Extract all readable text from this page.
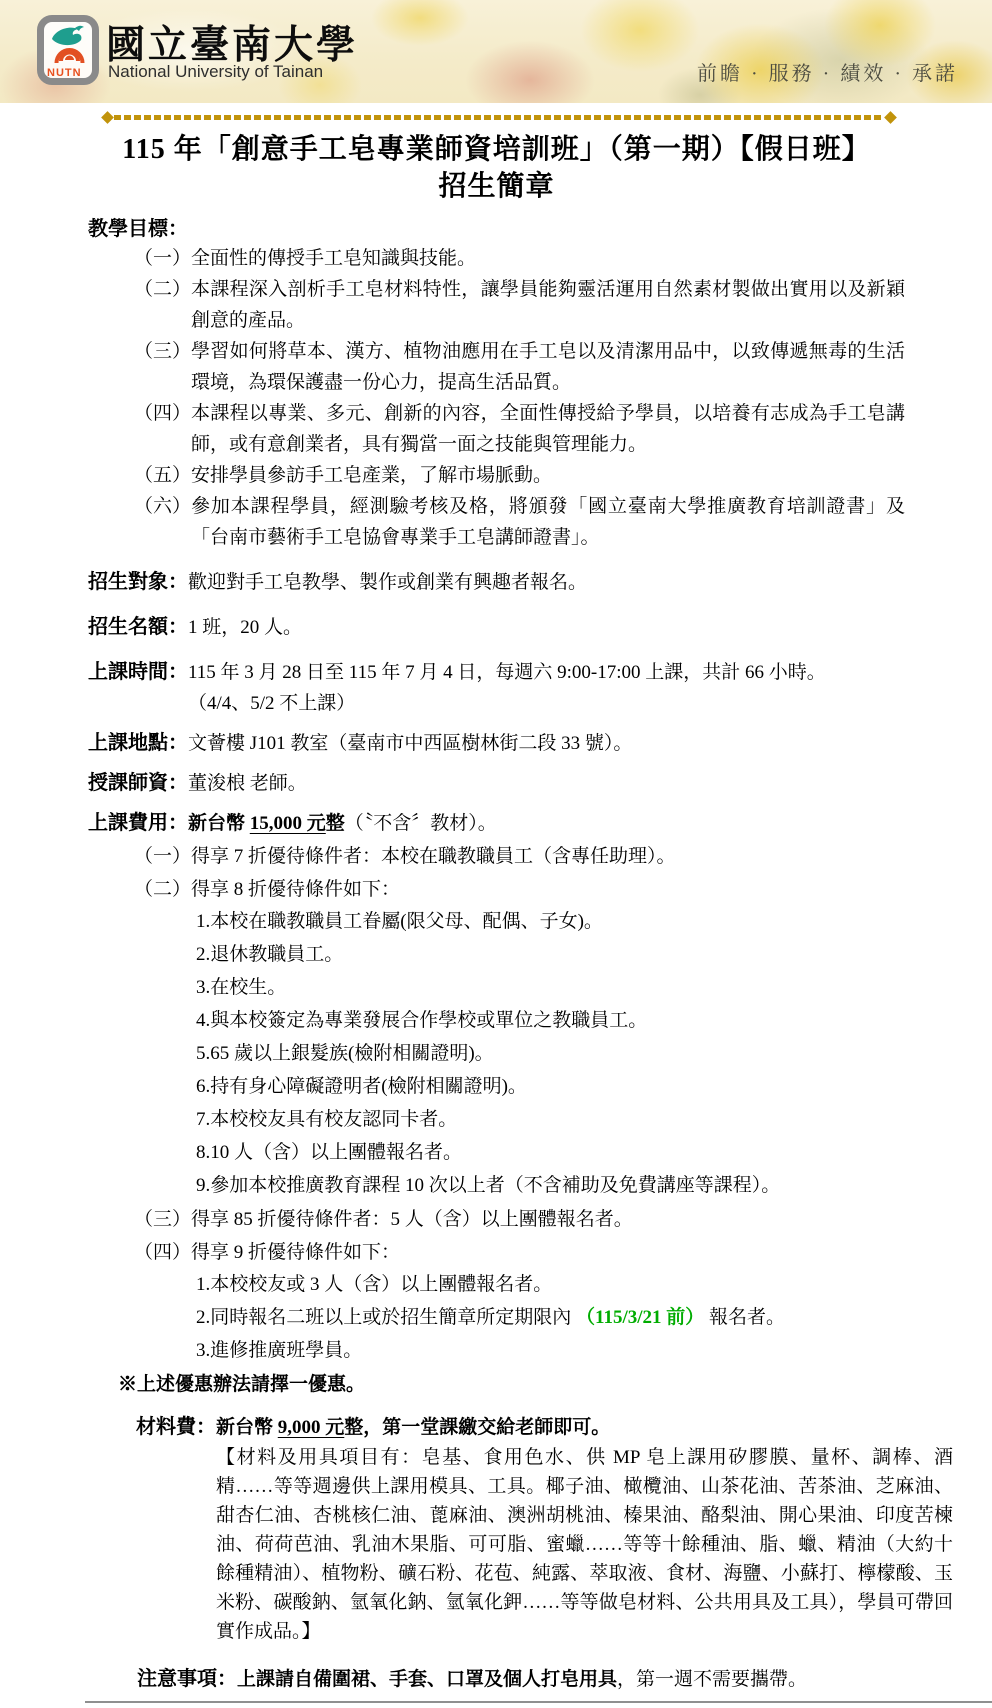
NUTN
國立臺南大學
National University of Tainan	前瞻 · 服務 · 績效 · 承諾
115 年「創意手工皂專業師資培訓班」（第一期）【假日班】
招生簡章
教學目標：
（一） 全面性的傳授手工皂知識與技能。
（二） 本課程深入剖析手工皂材料特性，讓學員能夠靈活運用自然素材製做出實用以及新穎創意的產品。
（三） 學習如何將草本、漢方、植物油應用在手工皂以及清潔用品中，以致傳遞無毒的生活環境，為環保護盡一份心力，提高生活品質。
（四） 本課程以專業、多元、創新的內容，全面性傳授給予學員，以培養有志成為手工皂講師，或有意創業者，具有獨當一面之技能與管理能力。
（五） 安排學員參訪手工皂產業，了解市場脈動。
（六） 參加本課程學員，經測驗考核及格，將頒發「國立臺南大學推廣教育培訓證書」及「台南市藝術手工皂協會專業手工皂講師證書」。
招生對象： 歡迎對手工皂教學、製作或創業有興趣者報名。
招生名額： 1 班，20 人。
上課時間： 115 年 3 月 28 日至 115 年 7 月 4 日，每週六 9:00-17:00 上課，共計 66 小時。
（4/4、5/2 不上課）
上課地點： 文薈樓 J101 教室（臺南市中西區樹林街二段 33 號）。
授課師資： 董浚桹 老師。
上課費用： 新台幣 15,000 元整（〝不含〞教材）。
（一） 得享 7 折優待條件者：本校在職教職員工（含專任助理）。
（二） 得享 8 折優待條件如下：
1.本校在職教職員工眷屬(限父母、配偶、子女)。
2.退休教職員工。
3.在校生。
4.與本校簽定為專業發展合作學校或單位之教職員工。
5.65 歲以上銀髮族(檢附相關證明)。
6.持有身心障礙證明者(檢附相關證明)。
7.本校校友具有校友認同卡者。
8.10 人（含）以上團體報名者。
9.參加本校推廣教育課程 10 次以上者（不含補助及免費講座等課程）。
（三） 得享 85 折優待條件者：5 人（含）以上團體報名者。
（四） 得享 9 折優待條件如下：
1.本校校友或 3 人（含）以上團體報名者。
2.同時報名二班以上或於招生簡章所定期限內 （115/3/21 前） 報名者。
3.進修推廣班學員。
※上述優惠辦法請擇一優惠。
材料費： 新台幣 9,000 元整，第一堂課繳交給老師即可。
【材料及用具項目有：皂基、食用色水、供 MP 皂上課用矽膠膜、量杯、調棒、酒精……等等週邊供上課用模具、工具。椰子油、橄欖油、山茶花油、苦茶油、芝麻油、甜杏仁油、杏桃核仁油、蓖麻油、澳洲胡桃油、榛果油、酪梨油、開心果油、印度苦楝油、荷荷芭油、乳油木果脂、可可脂、蜜蠟……等等十餘種油、脂、蠟、精油（大約十餘種精油）、植物粉、礦石粉、花苞、純露、萃取液、食材、海鹽、小蘇打、檸檬酸、玉米粉、碳酸鈉、氫氧化鈉、氫氧化鉀……等等做皂材料、公共用具及工具），學員可帶回實作成品。】
注意事項： 上課請自備圍裙、手套、口罩及個人打皂用具，第一週不需要攜帶。
